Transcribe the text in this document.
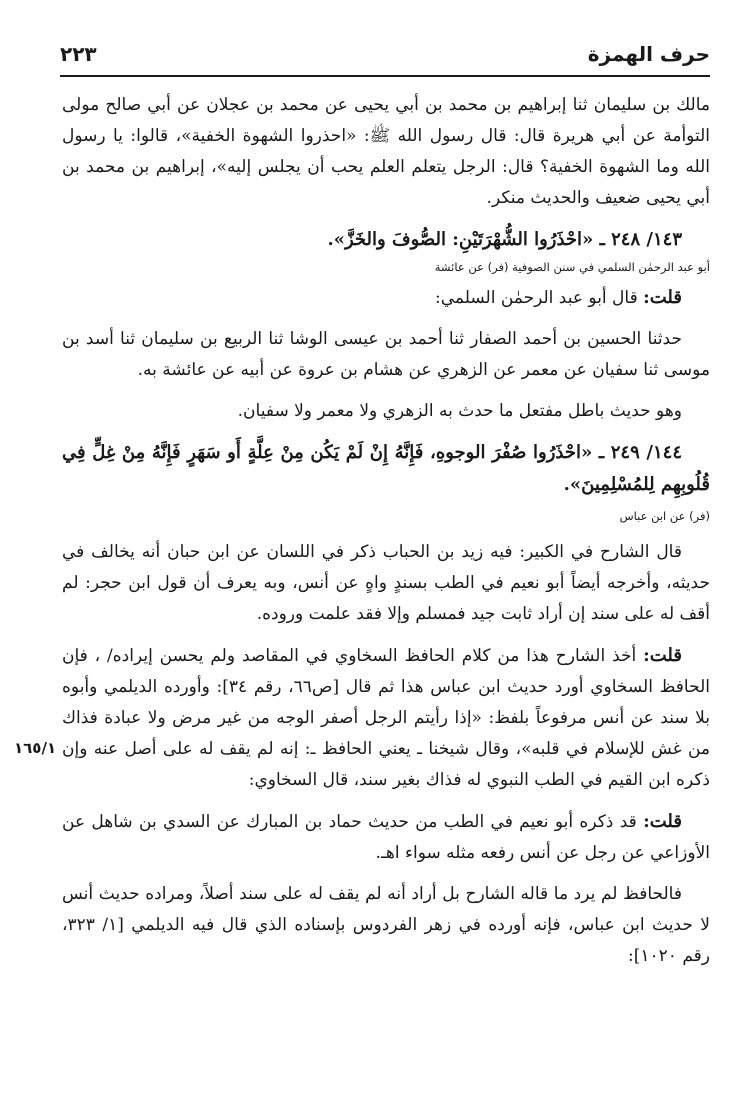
حرف الهمزة
٢٢٣
١٦٥/١

مالك بن سليمان ثنا إبراهيم بن محمد بن أبي يحيى عن محمد بن عجلان عن أبي صالح مولى التوأمة عن أبي هريرة قال: قال رسول الله ﷺ: «احذروا الشهوة الخفية»، قالوا: يا رسول الله وما الشهوة الخفية؟ قال: الرجل يتعلم العلم يحب أن يجلس إليه»، إبراهيم بن محمد بن أبي يحيى ضعيف والحديث منكر.

١٤٣/ ٢٤٨ ـ «احْذَرُوا الشُّهْرَتَيْنِ: الصُّوفَ والخَزَّ».

أبو عبد الرحمٰن السلمي في سنن الصوفية (فر) عن عائشة

قلت: قال أبو عبد الرحمٰن السلمي:

حدثنا الحسين بن أحمد الصفار ثنا أحمد بن عيسى الوشا ثنا الربيع بن سليمان ثنا أسد بن موسى ثنا سفيان عن معمر عن الزهري عن هشام بن عروة عن أبيه عن عائشة به.

وهو حديث باطل مفتعل ما حدث به الزهري ولا معمر ولا سفيان.

١٤٤/ ٢٤٩ ـ «احْذَرُوا صُفْرَ الوجوهِ، فَإِنَّهُ إِنْ لَمْ يَكُن مِنْ عِلَّةٍ أَو سَهَرٍ فَإِنَّهُ مِنْ غِلٍّ فِي قُلُوبِهِم لِلمُسْلِمِينَ».

(فر) عن ابن عباس

قال الشارح في الكبير: فيه زيد بن الحباب ذكر في اللسان عن ابن حبان أنه يخالف في حديثه، وأخرجه أيضاً أبو نعيم في الطب بسندٍ واهٍ عن أنس، وبه يعرف أن قول ابن حجر: لم أقف له على سند إن أراد ثابت جيد فمسلم وإلا فقد علمت وروده.

قلت: أخذ الشارح هذا من كلام الحافظ السخاوي في المقاصد ولم يحسن إيراده/ ، فإن الحافظ السخاوي أورد حديث ابن عباس هذا ثم قال [ص٦٦، رقم ٣٤]: وأورده الديلمي وأبوه بلا سند عن أنس مرفوعاً بلفظ: «إذا رأيتم الرجل أصفر الوجه من غير مرض ولا عبادة فذاك من غش للإسلام في قلبه»، وقال شيخنا ـ يعني الحافظ ـ: إنه لم يقف له على أصل عنه وإن ذكره ابن القيم في الطب النبوي له فذاك بغير سند، قال السخاوي:

قلت: قد ذكره أبو نعيم في الطب من حديث حماد بن المبارك عن السدي بن شاهل عن الأوزاعي عن رجل عن أنس رفعه مثله سواء اهـ.

فالحافظ لم يرد ما قاله الشارح بل أراد أنه لم يقف له على سند أصلاً، ومراده حديث أنس لا حديث ابن عباس، فإنه أورده في زهر الفردوس بإسناده الذي قال فيه الديلمي [١/ ٣٢٣، رقم ١٠٢٠]:
